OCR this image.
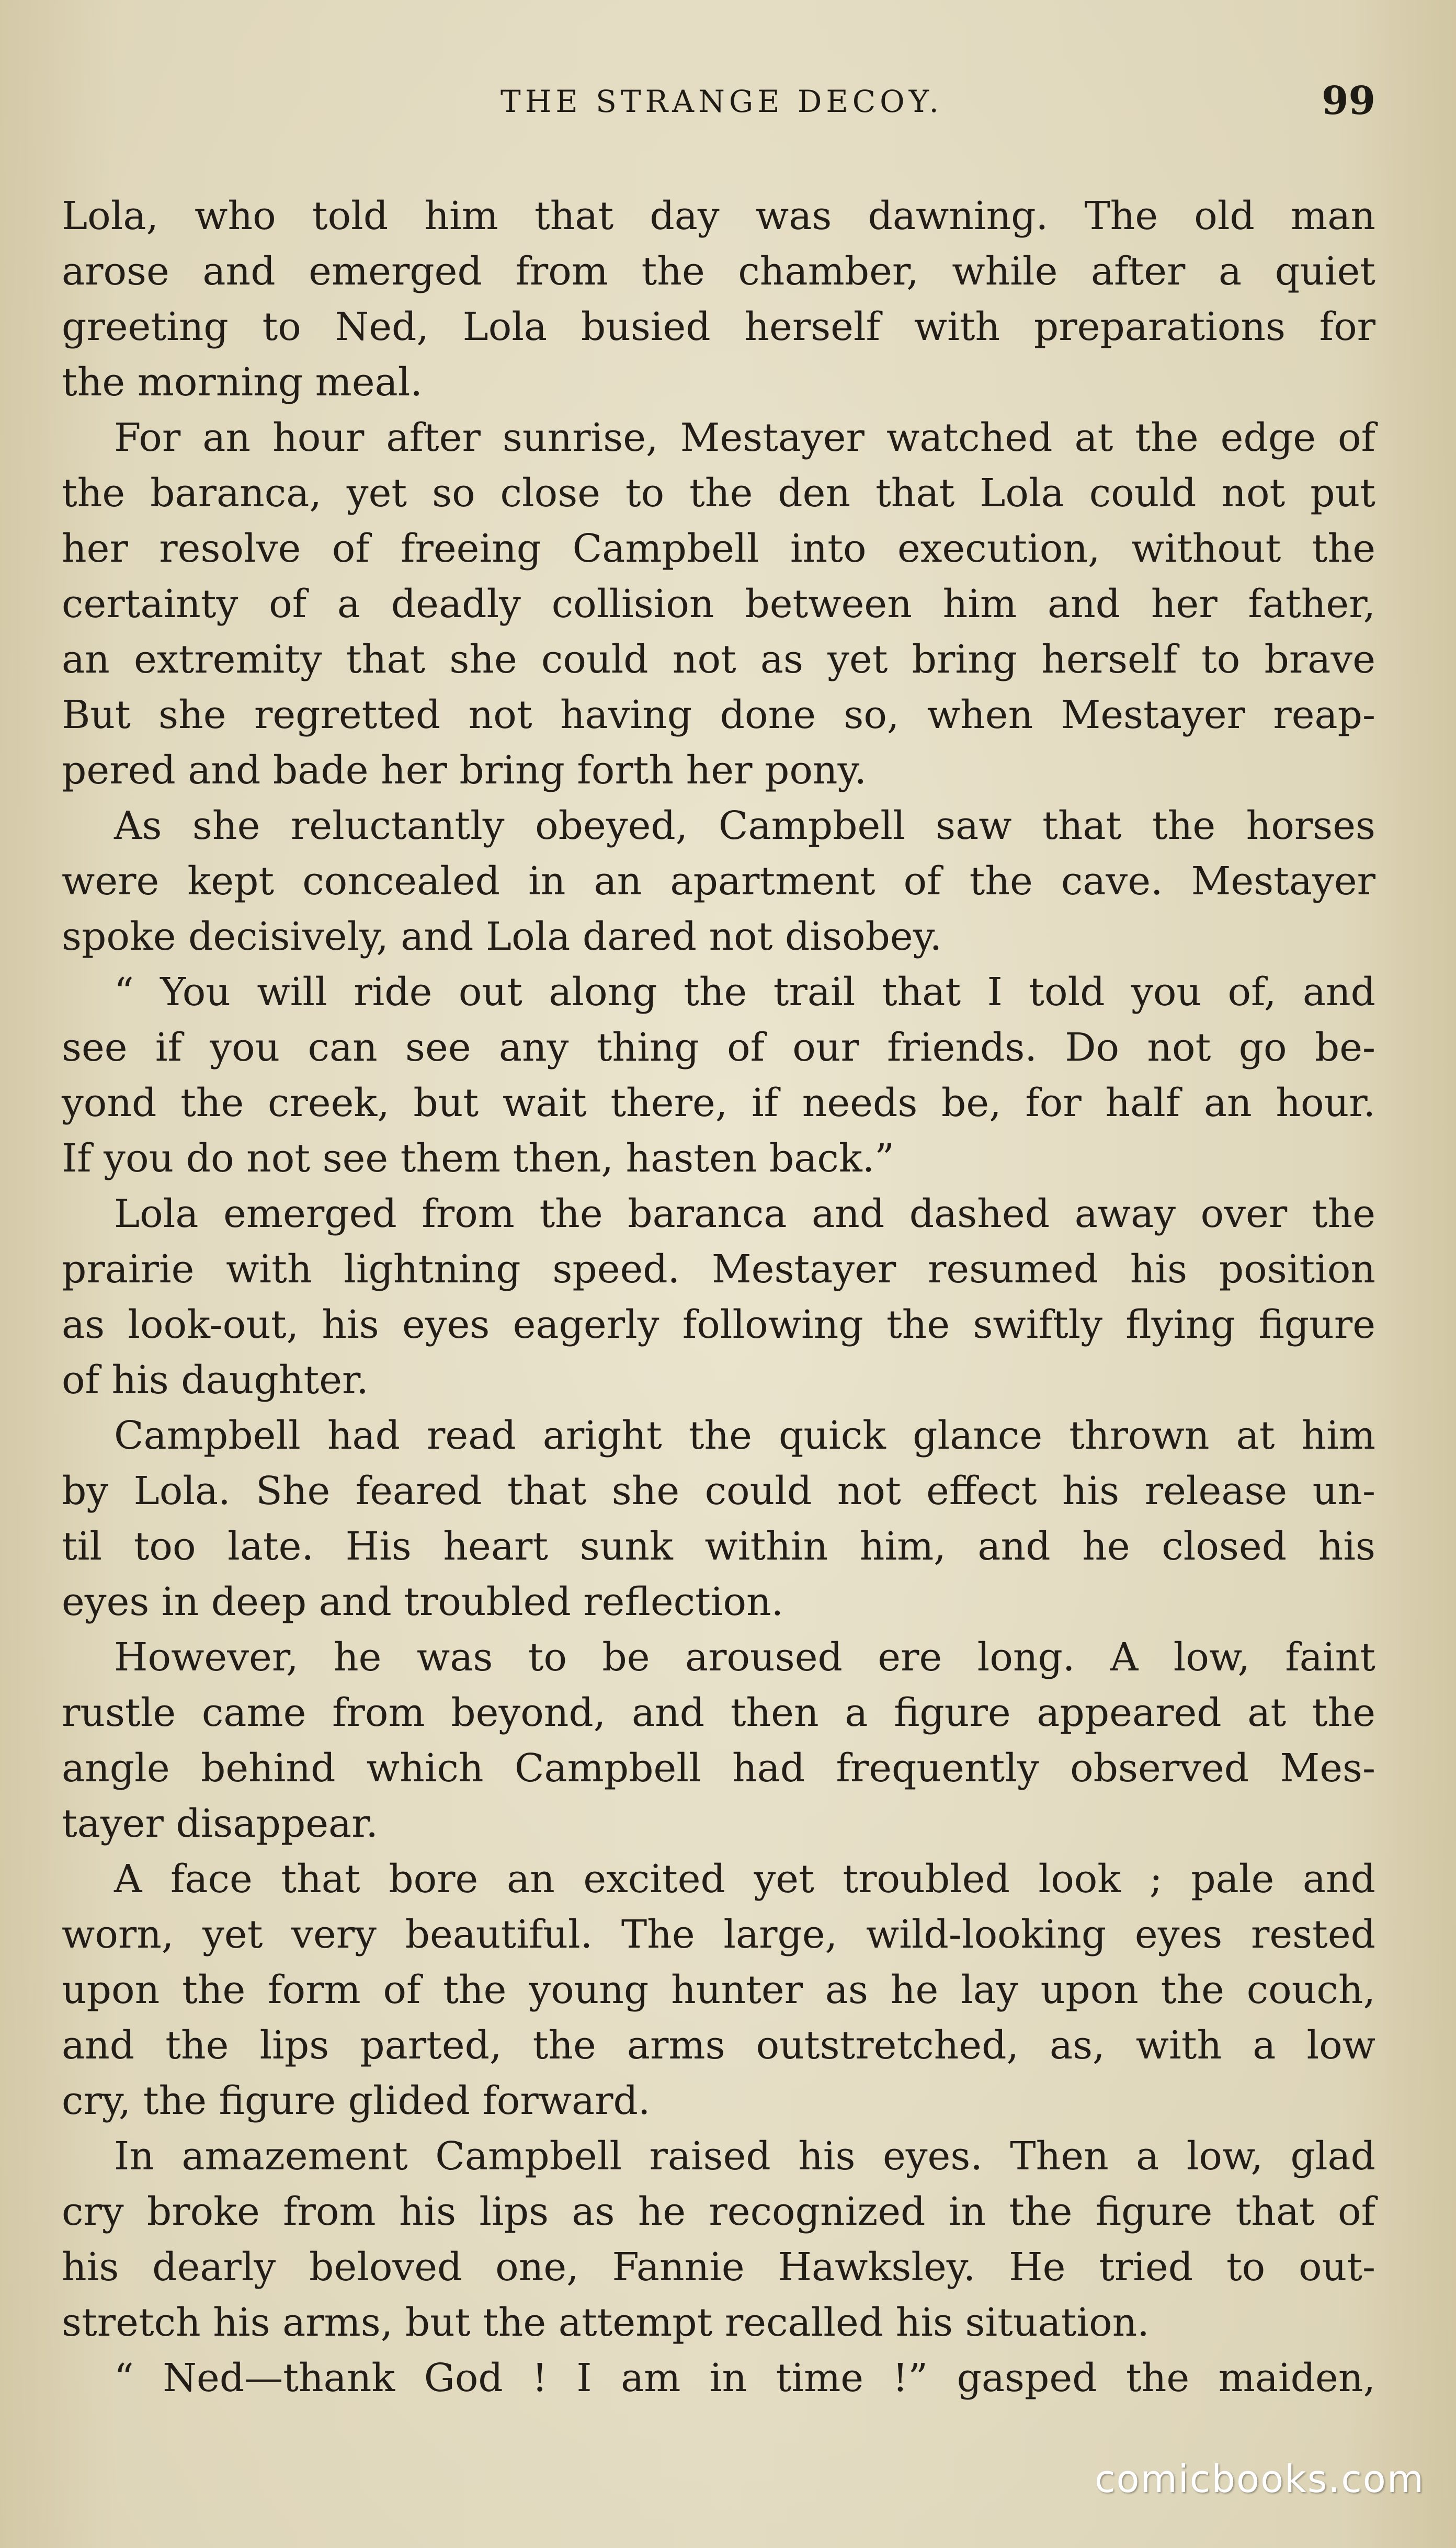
THE STRANGE DECOY.	99
Lola, who told him that day was dawning. The old man
arose and emerged from the chamber, while after a quiet
greeting to Ned, Lola busied herself with preparations for
the morning meal.
For an hour after sunrise, Mestayer watched at the edge of
the baranca, yet so close to the den that Lola could not put
her resolve of freeing Campbell into execution, without the
certainty of a deadly collision between him and her father,
an extremity that she could not as yet bring herself to brave
But she regretted not having done so, when Mestayer reap-
pered and bade her bring forth her pony.
As she reluctantly obeyed, Campbell saw that the horses
were kept concealed in an apartment of the cave. Mestayer
spoke decisively, and Lola dared not disobey.
“ You will ride out along the trail that I told you of, and
see if you can see any thing of our friends. Do not go be-
yond the creek, but wait there, if needs be, for half an hour.
If you do not see them then, hasten back.”
Lola emerged from the baranca and dashed away over the
prairie with lightning speed. Mestayer resumed his position
as look-out, his eyes eagerly following the swiftly flying figure
of his daughter.
Campbell had read aright the quick glance thrown at him
by Lola. She feared that she could not effect his release un-
til too late. His heart sunk within him, and he closed his
eyes in deep and troubled reflection.
However, he was to be aroused ere long. A low, faint
rustle came from beyond, and then a figure appeared at the
angle behind which Campbell had frequently observed Mes-
tayer disappear.
A face that bore an excited yet troubled look ; pale and
worn, yet very beautiful. The large, wild-looking eyes rested
upon the form of the young hunter as he lay upon the couch,
and the lips parted, the arms outstretched, as, with a low
cry, the figure glided forward.
In amazement Campbell raised his eyes. Then a low, glad
cry broke from his lips as he recognized in the figure that of
his dearly beloved one, Fannie Hawksley. He tried to out-
stretch his arms, but the attempt recalled his situation.
“ Ned—thank God ! I am in time !” gasped the maiden,
comicbooks.com
